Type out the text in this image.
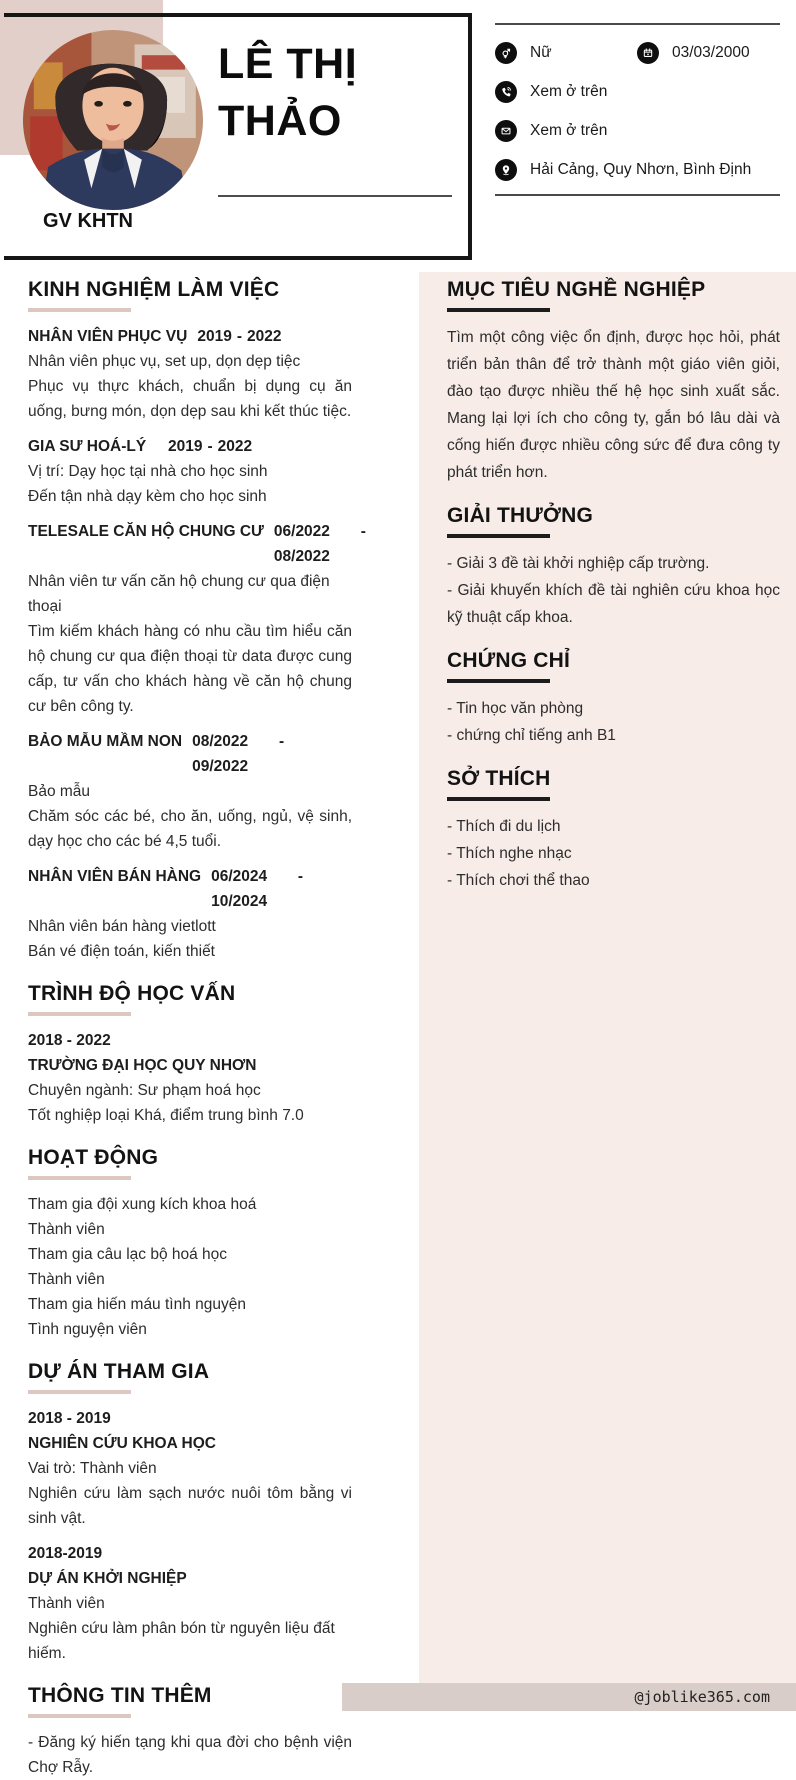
LÊ THỊ THẢO
GV KHTN
Nữ	03/03/2000
Xem ở trên
Xem ở trên
Hải Cảng, Quy Nhơn, Bình Định
KINH NGHIỆM LÀM VIỆC
NHÂN VIÊN PHỤC VỤ 2019 - 2022

Nhân viên phục vụ, set up, dọn dẹp tiệc

Phục vụ thực khách, chuẩn bị dụng cụ ăn uống, bưng món, dọn dẹp sau khi kết thúc tiệc.

GIA SƯ HOÁ-LÝ	2019 - 2022

Vị trí: Dạy học tại nhà cho học sinh

Đến tận nhà dạy kèm cho học sinh

TELESALE CĂN HỘ CHUNG CƯ 06/2022 -
08/2022

Nhân viên tư vấn căn hộ chung cư qua điện thoại

Tìm kiếm khách hàng có nhu cầu tìm hiểu căn hộ chung cư qua điện thoại từ data được cung cấp, tư vấn cho khách hàng về căn hộ chung cư bên công ty.

BẢO MẪU MẦM NON 08/2022 -
09/2022

Bảo mẫu

Chăm sóc các bé, cho ăn, uống, ngủ, vệ sinh, dạy học cho các bé 4,5 tuổi.

NHÂN VIÊN BÁN HÀNG 06/2024 -
10/2024

Nhân viên bán hàng vietlott

Bán vé điện toán, kiến thiết

TRÌNH ĐỘ HỌC VẤN

2018 - 2022

TRƯỜNG ĐẠI HỌC QUY NHƠN

Chuyên ngành: Sư phạm hoá học

Tốt nghiệp loại Khá, điểm trung bình 7.0

HOẠT ĐỘNG

Tham gia đội xung kích khoa hoá

Thành viên

Tham gia câu lạc bộ hoá học

Thành viên

Tham gia hiến máu tình nguyện

Tình nguyện viên

DỰ ÁN THAM GIA

2018 - 2019

NGHIÊN CỨU KHOA HỌC

Vai trò: Thành viên

Nghiên cứu làm sạch nước nuôi tôm bằng vi sinh vật.

2018-2019

DỰ ÁN KHỞI NGHIỆP

Thành viên

Nghiên cứu làm phân bón từ nguyên liệu đất hiếm.

THÔNG TIN THÊM

- Đăng ký hiến tạng khi qua đời cho bệnh viện Chợ Rẫy.

MỤC TIÊU NGHỀ NGHIỆP

Tìm một công việc ổn định, được học hỏi, phát triển bản thân để trở thành một giáo viên giỏi, đào tạo được nhiều thế hệ học sinh xuất sắc. Mang lại lợi ích cho công ty, gắn bó lâu dài và cống hiến được nhiều công sức để đưa công ty phát triển hơn.

GIẢI THƯỞNG

- Giải 3 đề tài khởi nghiệp cấp trường.

- Giải khuyến khích đề tài nghiên cứu khoa học kỹ thuật cấp khoa.

CHỨNG CHỈ

- Tin học văn phòng

- chứng chỉ tiếng anh B1

SỞ THÍCH

- Thích đi du lịch

- Thích nghe nhạc

- Thích chơi thể thao

@joblike365.com
